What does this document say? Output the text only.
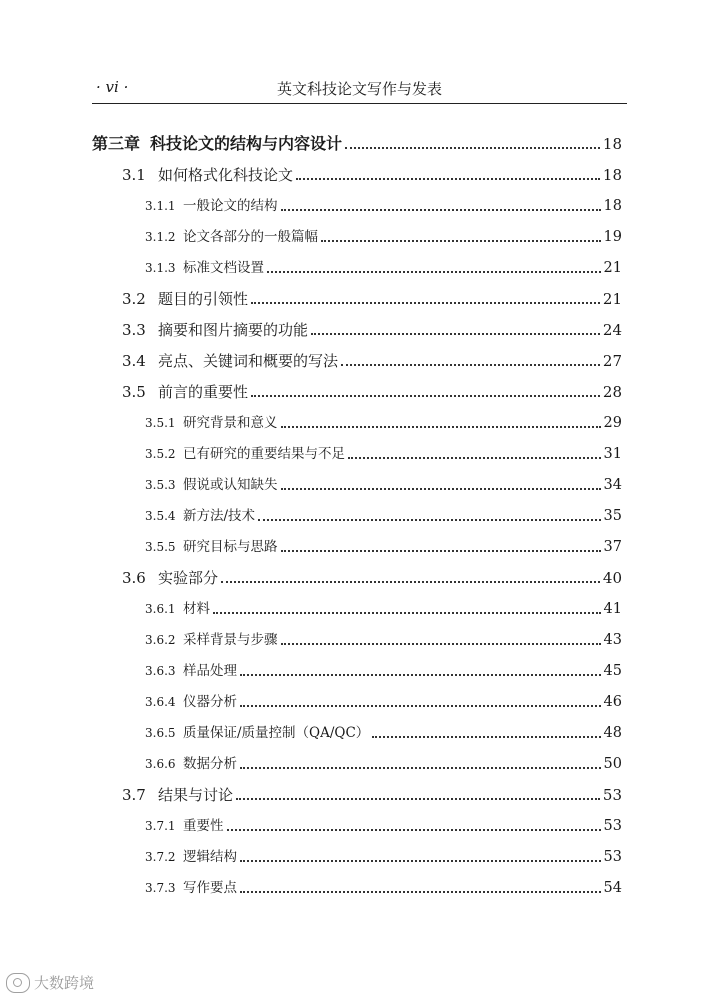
· vi ·	英文科技论文写作与发表
第三章 科技论文的结构与内容设计	18
3.1 如何格式化科技论文	18
3.1.1 一般论文的结构	18
3.1.2 论文各部分的一般篇幅	19
3.1.3 标准文档设置	21
3.2 题目的引领性	21
3.3 摘要和图片摘要的功能	24
3.4 亮点、关键词和概要的写法	27
3.5 前言的重要性	28
3.5.1 研究背景和意义	29
3.5.2 已有研究的重要结果与不足	31
3.5.3 假说或认知缺失	34
3.5.4 新方法/技术	35
3.5.5 研究目标与思路	37
3.6 实验部分	40
3.6.1 材料	41
3.6.2 采样背景与步骤	43
3.6.3 样品处理	45
3.6.4 仪器分析	46
3.6.5 质量保证/质量控制（QA/QC）	48
3.6.6 数据分析	50
3.7 结果与讨论	53
3.7.1 重要性	53
3.7.2 逻辑结构	53
3.7.3 写作要点	54
大数跨境
